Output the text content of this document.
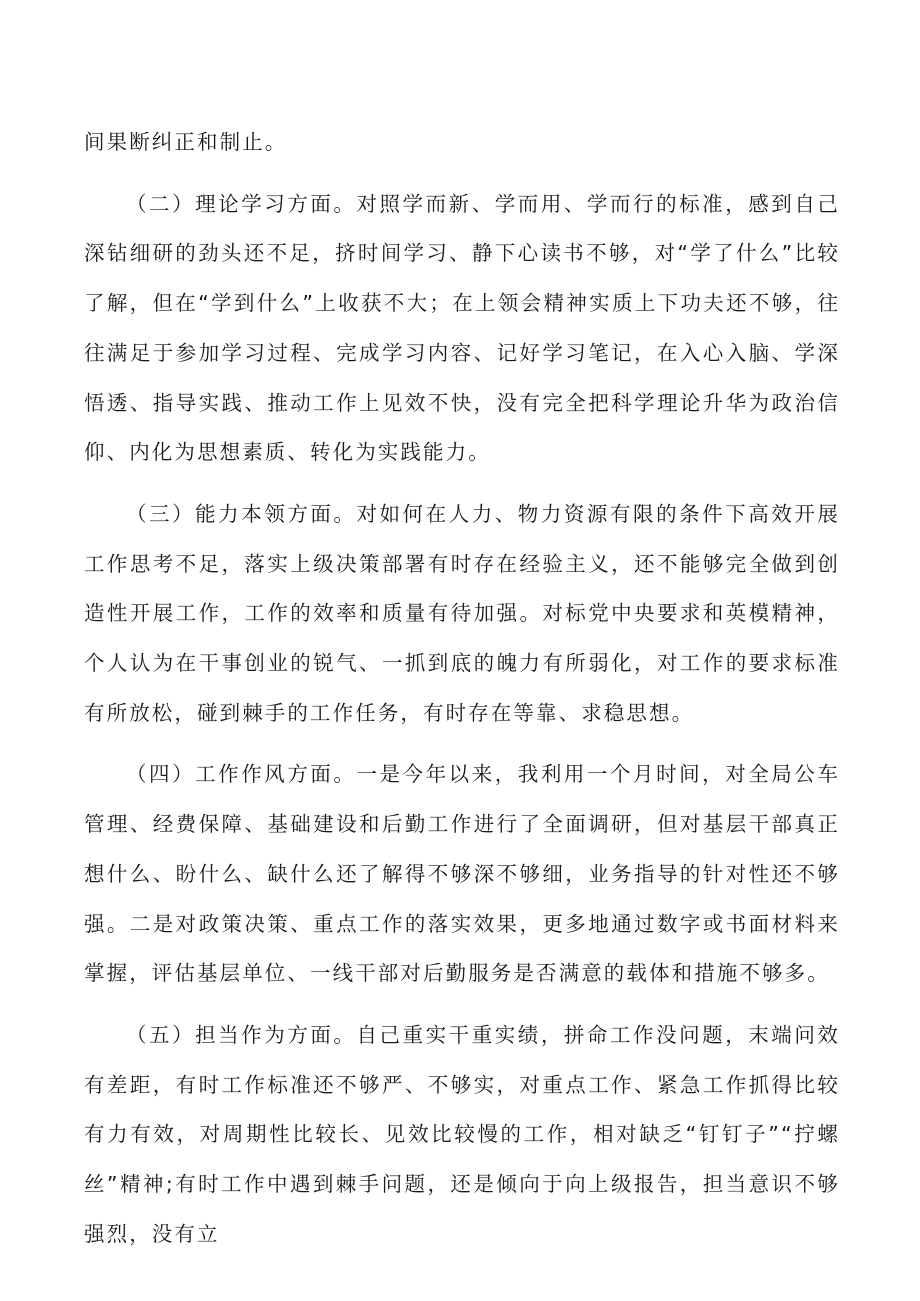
间果断纠正和制止。

（二）理论学习方面。对照学而新、学而用、学而行的标准，感到自己深钻细研的劲头还不足，挤时间学习、静下心读书不够，对“学了什么”比较了解，但在“学到什么”上收获不大；在上领会精神实质上下功夫还不够，往往满足于参加学习过程、完成学习内容、记好学习笔记，在入心入脑、学深悟透、指导实践、推动工作上见效不快，没有完全把科学理论升华为政治信仰、内化为思想素质、转化为实践能力。

（三）能力本领方面。对如何在人力、物力资源有限的条件下高效开展工作思考不足，落实上级决策部署有时存在经验主义，还不能够完全做到创造性开展工作，工作的效率和质量有待加强。对标党中央要求和英模精神，个人认为在干事创业的锐气、一抓到底的魄力有所弱化，对工作的要求标准有所放松，碰到棘手的工作任务，有时存在等靠、求稳思想。

（四）工作作风方面。一是今年以来，我利用一个月时间，对全局公车管理、经费保障、基础建设和后勤工作进行了全面调研，但对基层干部真正想什么、盼什么、缺什么还了解得不够深不够细，业务指导的针对性还不够强。二是对政策决策、重点工作的落实效果，更多地通过数字或书面材料来掌握，评估基层单位、一线干部对后勤服务是否满意的载体和措施不够多。

（五）担当作为方面。自己重实干重实绩，拼命工作没问题，末端问效有差距，有时工作标准还不够严、不够实，对重点工作、紧急工作抓得比较有力有效，对周期性比较长、见效比较慢的工作，相对缺乏“钉钉子”“拧螺丝”精神;有时工作中遇到棘手问题，还是倾向于向上级报告，担当意识不够强烈，没有立
